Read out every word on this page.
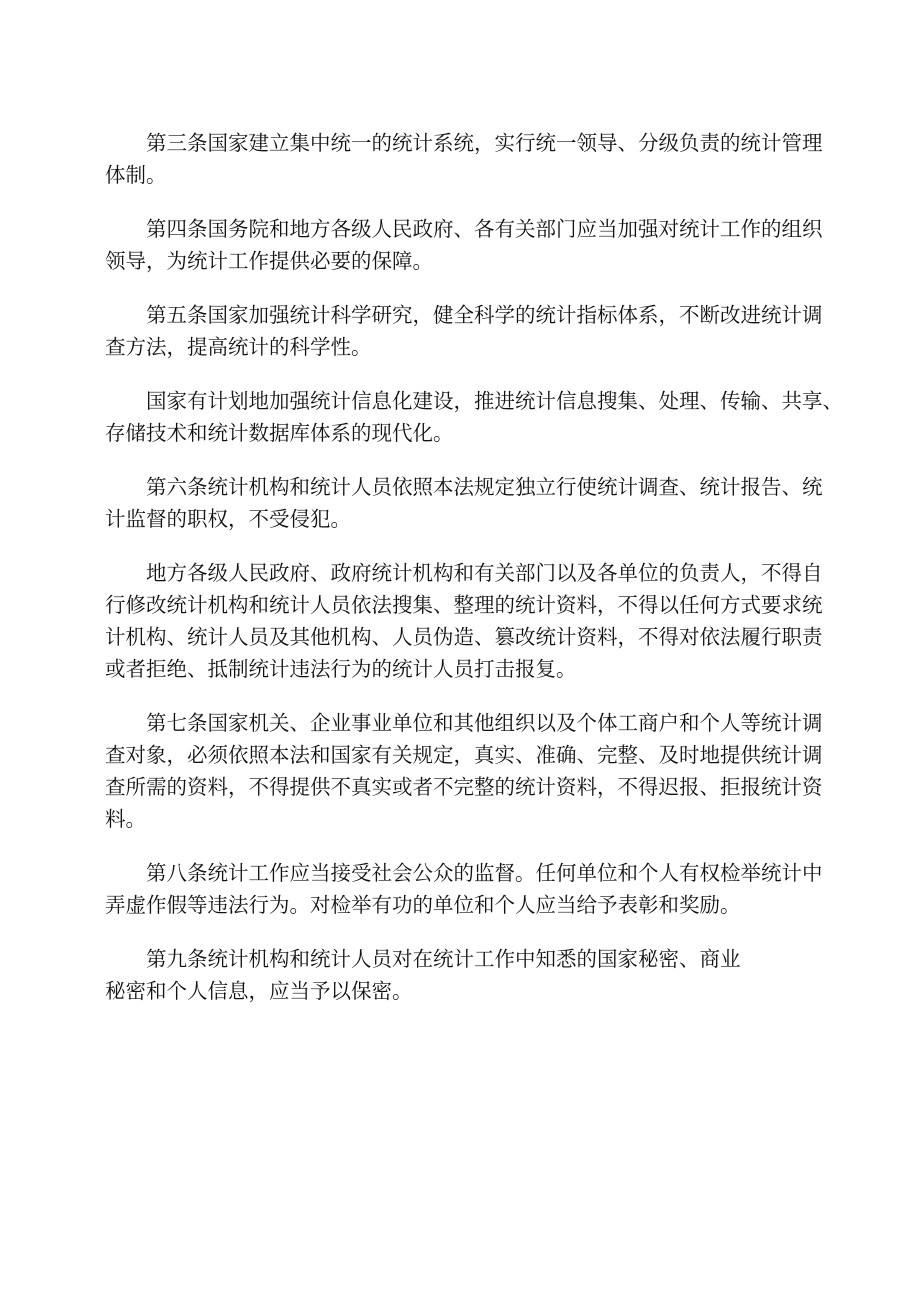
第三条国家建立集中统一的统计系统，实行统一领导、分级负责的统计管理
体制。

第四条国务院和地方各级人民政府、各有关部门应当加强对统计工作的组织
领导，为统计工作提供必要的保障。

第五条国家加强统计科学研究，健全科学的统计指标体系，不断改进统计调
查方法，提高统计的科学性。

国家有计划地加强统计信息化建设，推进统计信息搜集、处理、传输、共享、
存储技术和统计数据库体系的现代化。

第六条统计机构和统计人员依照本法规定独立行使统计调查、统计报告、统
计监督的职权，不受侵犯。

地方各级人民政府、政府统计机构和有关部门以及各单位的负责人，不得自
行修改统计机构和统计人员依法搜集、整理的统计资料，不得以任何方式要求统
计机构、统计人员及其他机构、人员伪造、篡改统计资料，不得对依法履行职责
或者拒绝、抵制统计违法行为的统计人员打击报复。

第七条国家机关、企业事业单位和其他组织以及个体工商户和个人等统计调
查对象，必须依照本法和国家有关规定，真实、准确、完整、及时地提供统计调
查所需的资料，不得提供不真实或者不完整的统计资料，不得迟报、拒报统计资
料。

第八条统计工作应当接受社会公众的监督。任何单位和个人有权检举统计中
弄虚作假等违法行为。对检举有功的单位和个人应当给予表彰和奖励。

第九条统计机构和统计人员对在统计工作中知悉的国家秘密、商业
秘密和个人信息，应当予以保密。
